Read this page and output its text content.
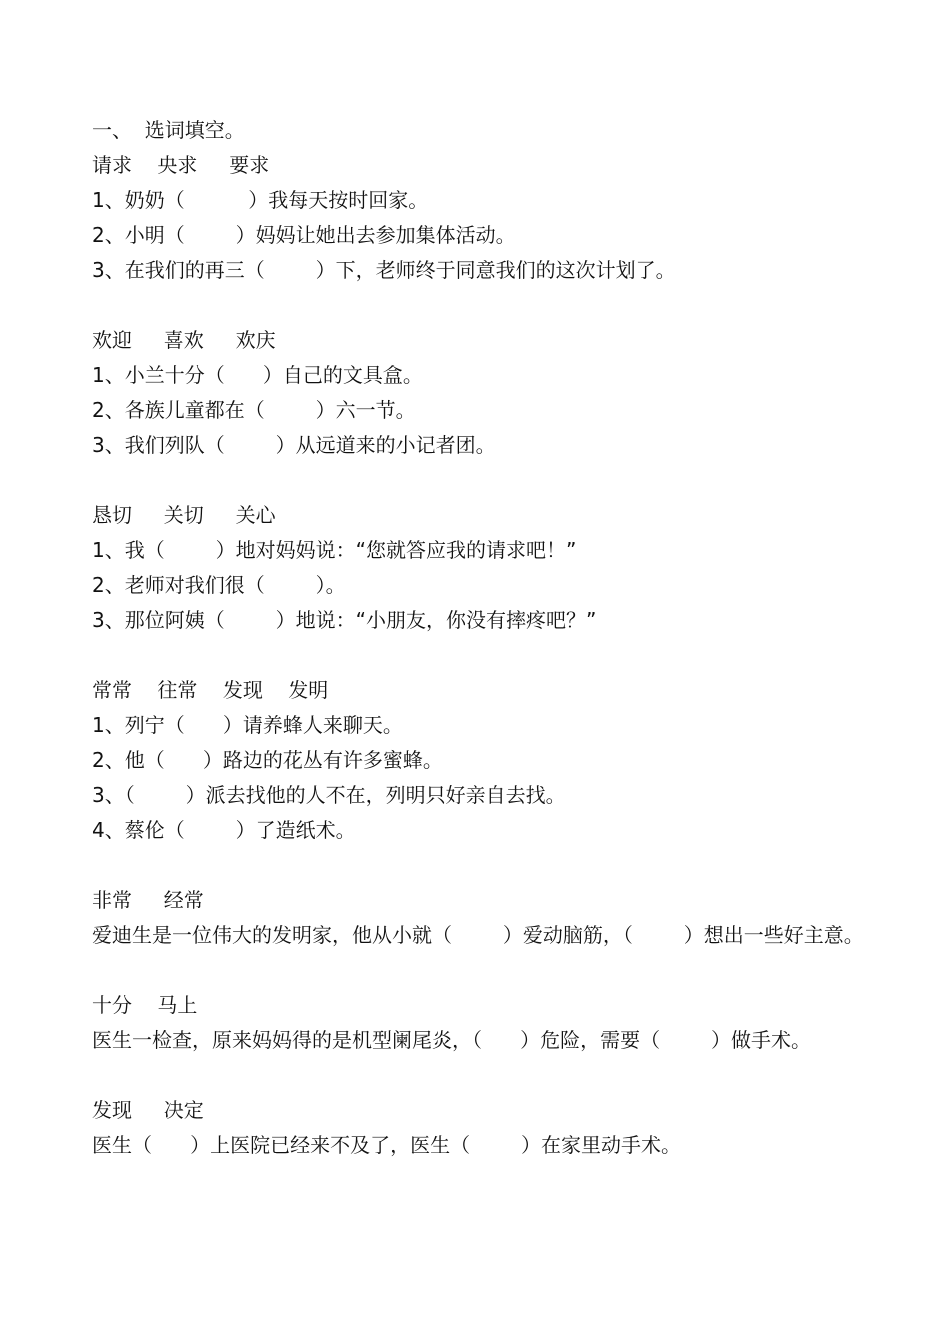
一、  选词填空。
请求    央求     要求
1、奶奶（          ）我每天按时回家。
2、小明（        ）妈妈让她出去参加集体活动。
3、在我们的再三（        ）下，老师终于同意我们的这次计划了。
欢迎     喜欢     欢庆
1、小兰十分（      ）自己的文具盒。
2、各族儿童都在（        ）六一节。
3、我们列队（        ）从远道来的小记者团。
恳切     关切     关心
1、我（        ）地对妈妈说：“您就答应我的请求吧！”
2、老师对我们很（        ）。
3、那位阿姨（        ）地说：“小朋友，你没有摔疼吧？”
常常    往常    发现    发明
1、列宁（      ）请养蜂人来聊天。
2、他（      ）路边的花丛有许多蜜蜂。
3、（        ）派去找他的人不在，列明只好亲自去找。
4、蔡伦（        ）了造纸术。
非常     经常
爱迪生是一位伟大的发明家，他从小就（        ）爱动脑筋，（        ）想出一些好主意。
十分    马上
医生一检查，原来妈妈得的是机型阑尾炎，（      ）危险，需要（        ）做手术。
发现     决定
医生（      ）上医院已经来不及了，医生（        ）在家里动手术。
